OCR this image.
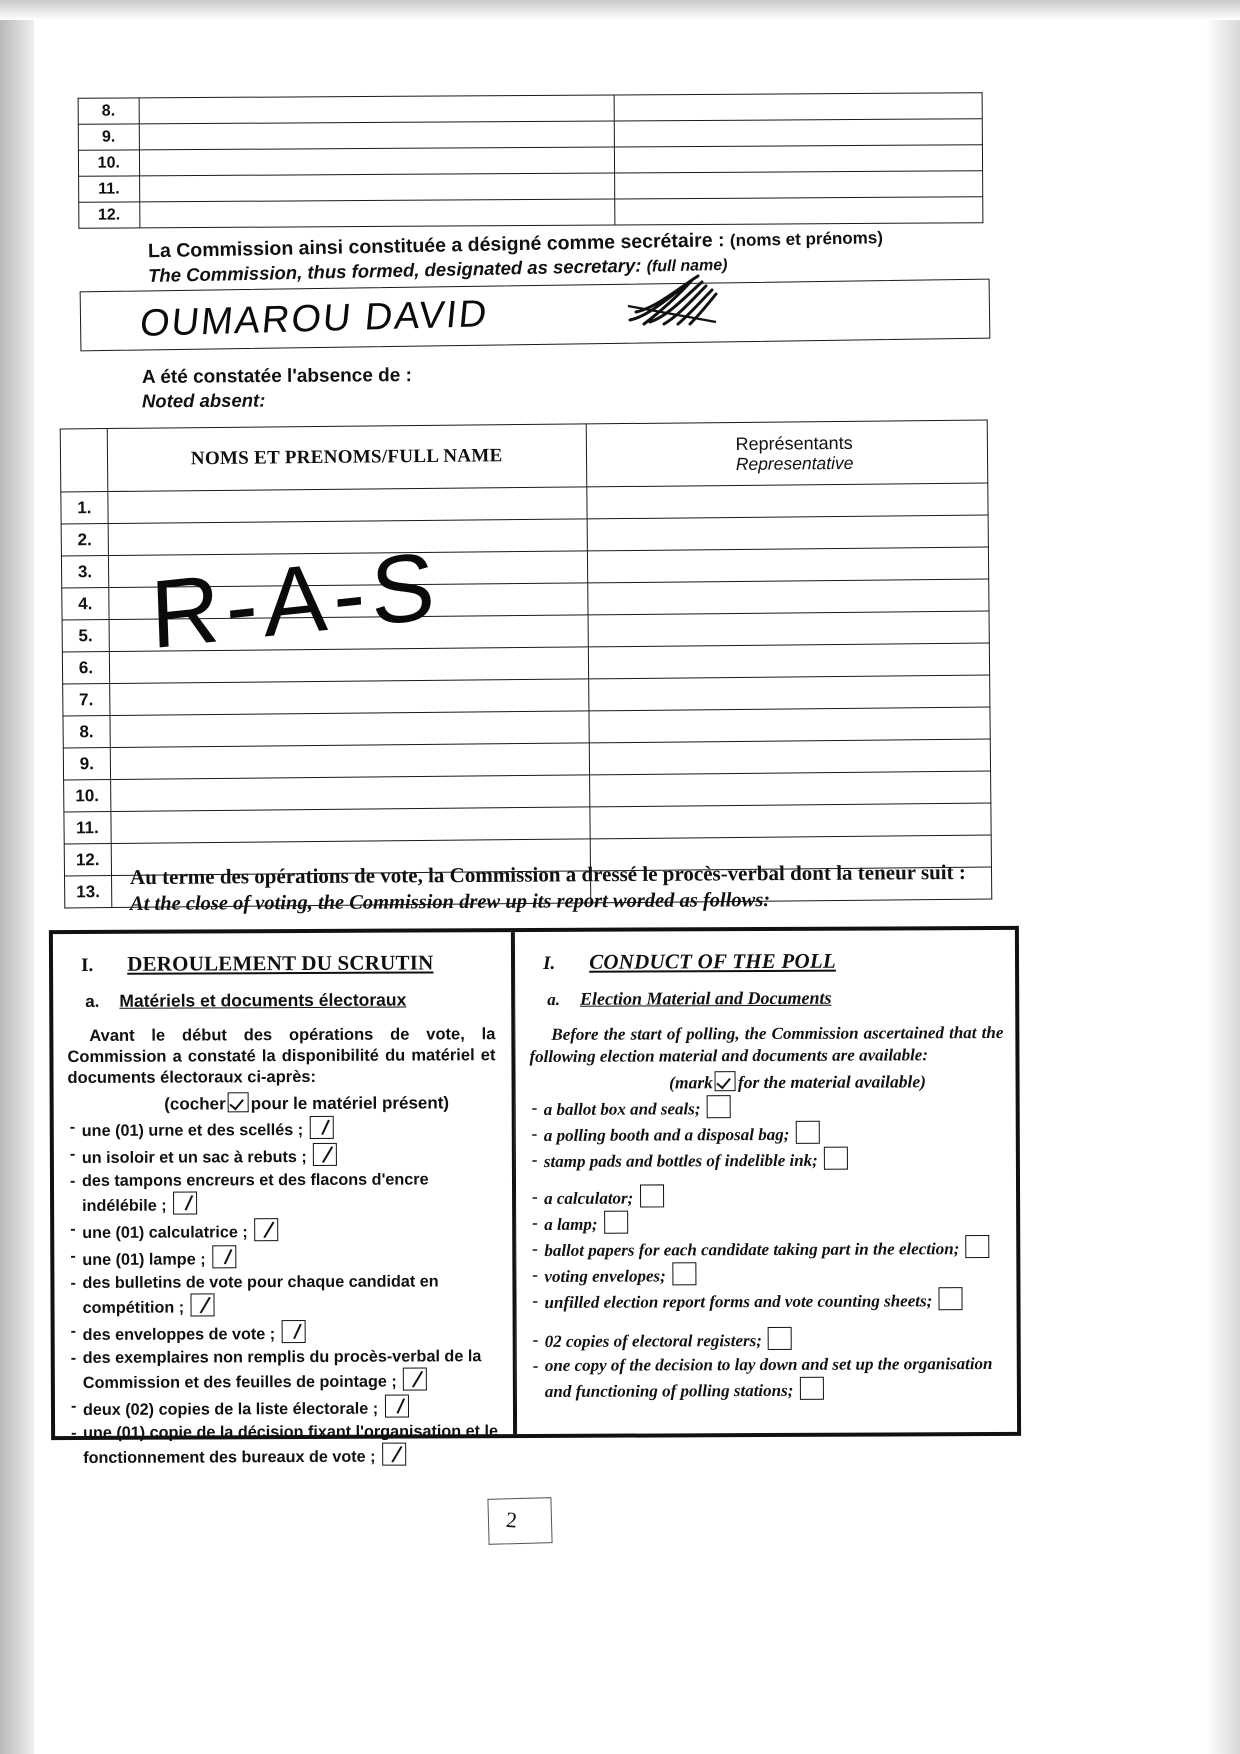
8.		
9.		
10.		
11.		
12.		
La Commission ainsi constituée a désigné comme secrétaire : (noms et prénoms)
The Commission, thus formed, designated as secretary: (full name)
OUMAROU DAVID
A été constatée l'absence de :
Noted absent:

	NOMS ET PRENOMS/FULL NAME	Représentants
Representative

1.		
2.		
3.		
4.		
5.		
6.		
7.		
8.		
9.		
10.		
11.		
12.		
13.		
R-A-S
Au terme des opérations de vote, la Commission a dressé le procès-verbal dont la teneur suit :
At the close of voting, the Commission drew up its report worded as follows:
I. DEROULEMENT DU SCRUTIN
a. Matériels et documents électoraux
Avant le début des opérations de vote, la Commission a constaté la disponibilité du matériel et documents électoraux ci-après:
(cocher pour le matériel présent)
- une (01) urne et des scellés ;
- un isoloir et un sac à rebuts ;
- des tampons encreurs et des flacons d'encre indélébile ;
- une (01) calculatrice ;
- une (01) lampe ;
- des bulletins de vote pour chaque candidat en compétition ;
- des enveloppes de vote ;
- des exemplaires non remplis du procès-verbal de la Commission et des feuilles de pointage ;
- deux (02) copies de la liste électorale ;
- une (01) copie de la décision fixant l'organisation et le fonctionnement des bureaux de vote ;
I. CONDUCT OF THE POLL
a. Election Material and Documents
Before the start of polling, the Commission ascertained that the following election material and documents are available:
(mark for the material available)
- a ballot box and seals;
- a polling booth and a disposal bag;
- stamp pads and bottles of indelible ink;
- a calculator;
- a lamp;
- ballot papers for each candidate taking part in the election;
- voting envelopes;
- unfilled election report forms and vote counting sheets;
- 02 copies of electoral registers;
- one copy of the decision to lay down and set up the organisation and functioning of polling stations;
2
